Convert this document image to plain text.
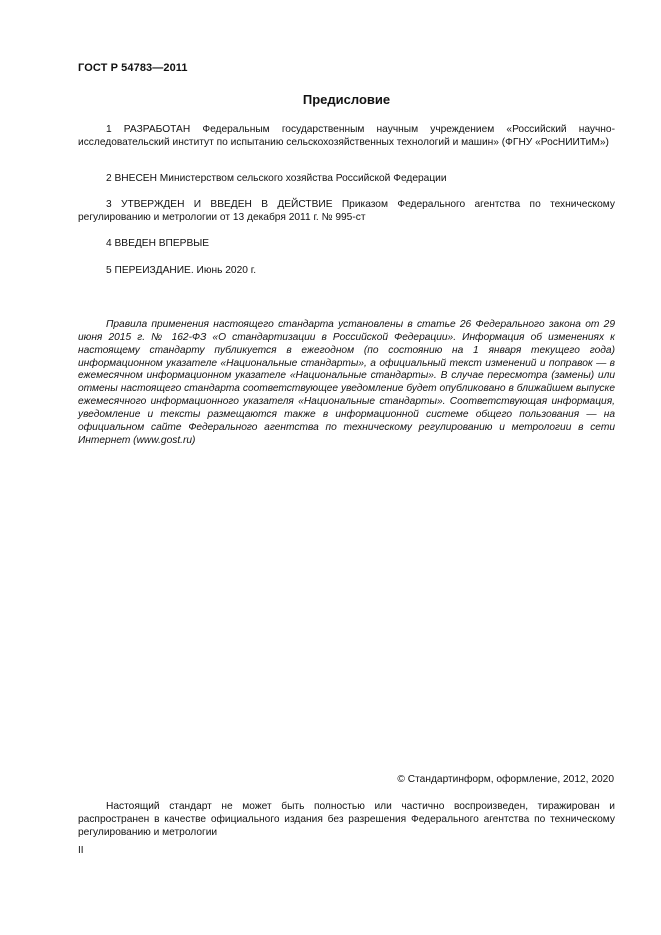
ГОСТ Р 54783—2011
Предисловие

1 РАЗРАБОТАН Федеральным государственным научным учреждением «Российский научно-исследовательский институт по испытанию сельскохозяйственных технологий и машин» (ФГНУ «РосНИИТиМ»)

2 ВНЕСЕН Министерством сельского хозяйства Российской Федерации

3 УТВЕРЖДЕН И ВВЕДЕН В ДЕЙСТВИЕ Приказом Федерального агентства по техническому регулированию и метрологии от 13 декабря 2011 г. № 995-ст

4 ВВЕДЕН ВПЕРВЫЕ

5 ПЕРЕИЗДАНИЕ. Июнь 2020 г.

Правила применения настоящего стандарта установлены в статье 26 Федерального закона от 29 июня 2015 г. № 162-ФЗ «О стандартизации в Российской Федерации». Информация об изменениях к настоящему стандарту публикуется в ежегодном (по состоянию на 1 января текущего года) информационном указателе «Национальные стандарты», а официальный текст изменений и поправок — в ежемесячном информационном указателе «Национальные стандарты». В случае пересмотра (замены) или отмены настоящего стандарта соответствующее уведомление будет опубликовано в ближайшем выпуске ежемесячного информационного указателя «Национальные стандарты». Соответствующая информация, уведомление и тексты размещаются также в информационной системе общего пользования — на официальном сайте Федерального агентства по техническому регулированию и метрологии в сети Интернет (www.gost.ru)

© Стандартинформ, оформление, 2012, 2020

Настоящий стандарт не может быть полностью или частично воспроизведен, тиражирован и распространен в качестве официального издания без разрешения Федерального агентства по техническому регулированию и метрологии

II
